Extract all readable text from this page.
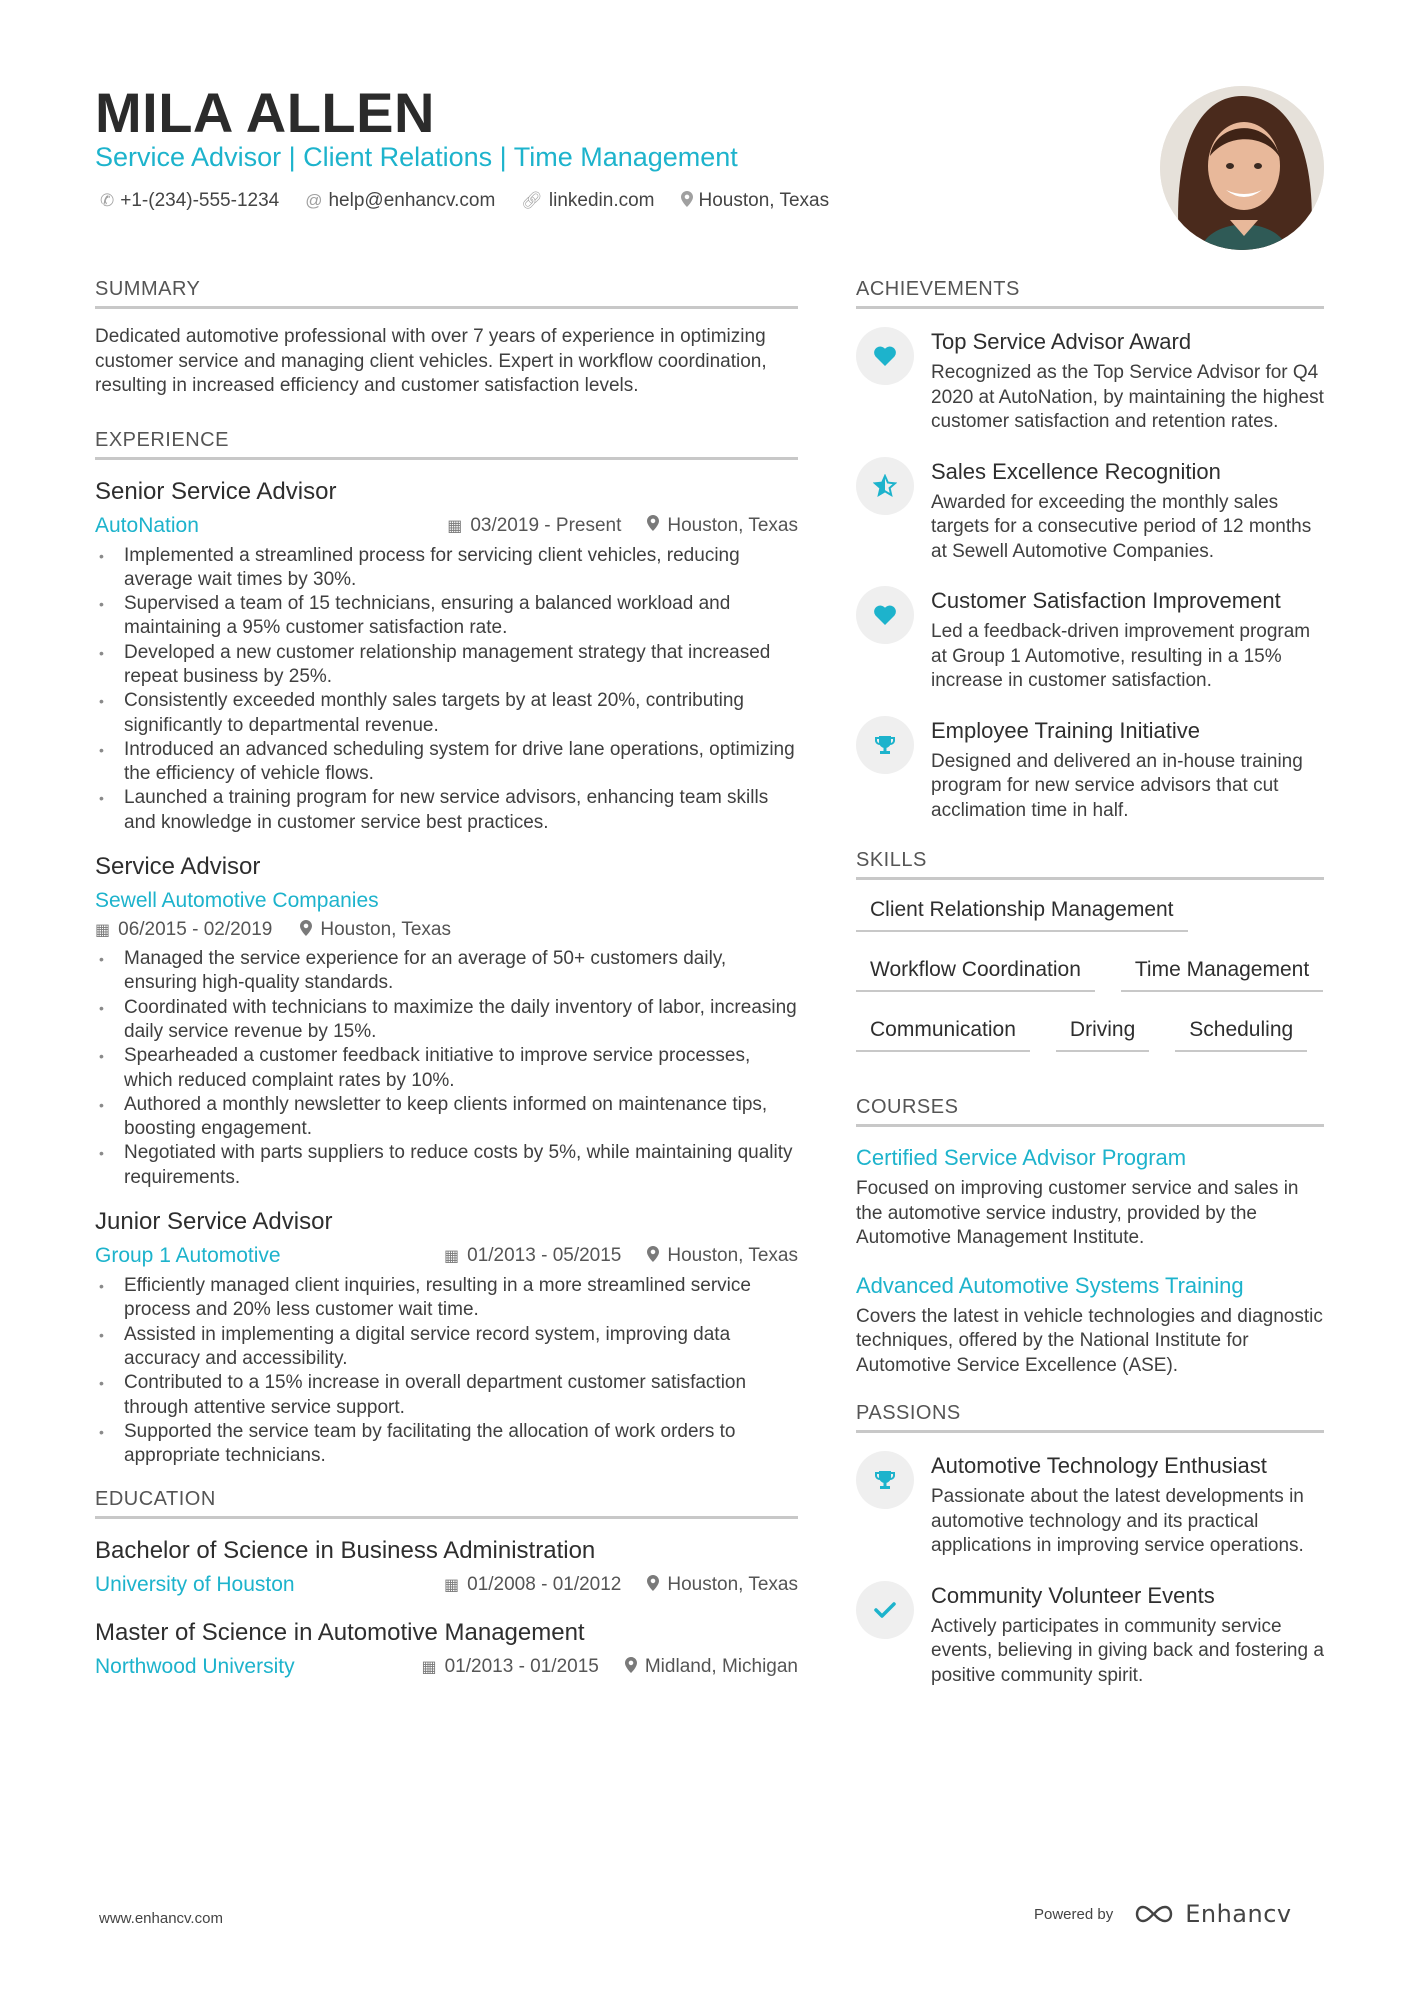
MILA ALLEN
Service Advisor | Client Relations | Time Management
✆ +1-(234)-555-1234 @ help@enhancv.com 🔗︎ linkedin.com Houston, Texas
SUMMARY
Dedicated automotive professional with over 7 years of experience in optimizing customer service and managing client vehicles. Expert in workflow coordination, resulting in increased efficiency and customer satisfaction levels.
EXPERIENCE
Senior Service Advisor
AutoNation	▦ 03/2019 - Present Houston, Texas
• Implemented a streamlined process for servicing client vehicles, reducing average wait times by 30%.
• Supervised a team of 15 technicians, ensuring a balanced workload and maintaining a 95% customer satisfaction rate.
• Developed a new customer relationship management strategy that increased repeat business by 25%.
• Consistently exceeded monthly sales targets by at least 20%, contributing significantly to departmental revenue.
• Introduced an advanced scheduling system for drive lane operations, optimizing the efficiency of vehicle flows.
• Launched a training program for new service advisors, enhancing team skills and knowledge in customer service best practices.
Service Advisor
Sewell Automotive Companies
▦ 06/2015 - 02/2019	Houston, Texas
• Managed the service experience for an average of 50+ customers daily, ensuring high-quality standards.
• Coordinated with technicians to maximize the daily inventory of labor, increasing daily service revenue by 15%.
• Spearheaded a customer feedback initiative to improve service processes, which reduced complaint rates by 10%.
• Authored a monthly newsletter to keep clients informed on maintenance tips, boosting engagement.
• Negotiated with parts suppliers to reduce costs by 5%, while maintaining quality requirements.
Junior Service Advisor
Group 1 Automotive	▦ 01/2013 - 05/2015 Houston, Texas
• Efficiently managed client inquiries, resulting in a more streamlined service process and 20% less customer wait time.
• Assisted in implementing a digital service record system, improving data accuracy and accessibility.
• Contributed to a 15% increase in overall department customer satisfaction through attentive service support.
• Supported the service team by facilitating the allocation of work orders to appropriate technicians.
EDUCATION
Bachelor of Science in Business Administration
University of Houston	▦ 01/2008 - 01/2012 Houston, Texas
Master of Science in Automotive Management
Northwood University	▦ 01/2013 - 01/2015 Midland, Michigan
ACHIEVEMENTS
Top Service Advisor Award
Recognized as the Top Service Advisor for Q4 2020 at AutoNation, by maintaining the highest customer satisfaction and retention rates.
Sales Excellence Recognition
Awarded for exceeding the monthly sales targets for a consecutive period of 12 months at Sewell Automotive Companies.
Customer Satisfaction Improvement
Led a feedback-driven improvement program at Group 1 Automotive, resulting in a 15% increase in customer satisfaction.
Employee Training Initiative
Designed and delivered an in-house training program for new service advisors that cut acclimation time in half.
SKILLS
Client Relationship Management
Workflow Coordination	Time Management
Communication	Driving	Scheduling
COURSES
Certified Service Advisor Program
Focused on improving customer service and sales in the automotive service industry, provided by the Automotive Management Institute.
Advanced Automotive Systems Training
Covers the latest in vehicle technologies and diagnostic techniques, offered by the National Institute for Automotive Service Excellence (ASE).
PASSIONS
Automotive Technology Enthusiast
Passionate about the latest developments in automotive technology and its practical applications in improving service operations.
Community Volunteer Events
Actively participates in community service events, believing in giving back and fostering a positive community spirit.
www.enhancv.com	Powered by	Enhancv
